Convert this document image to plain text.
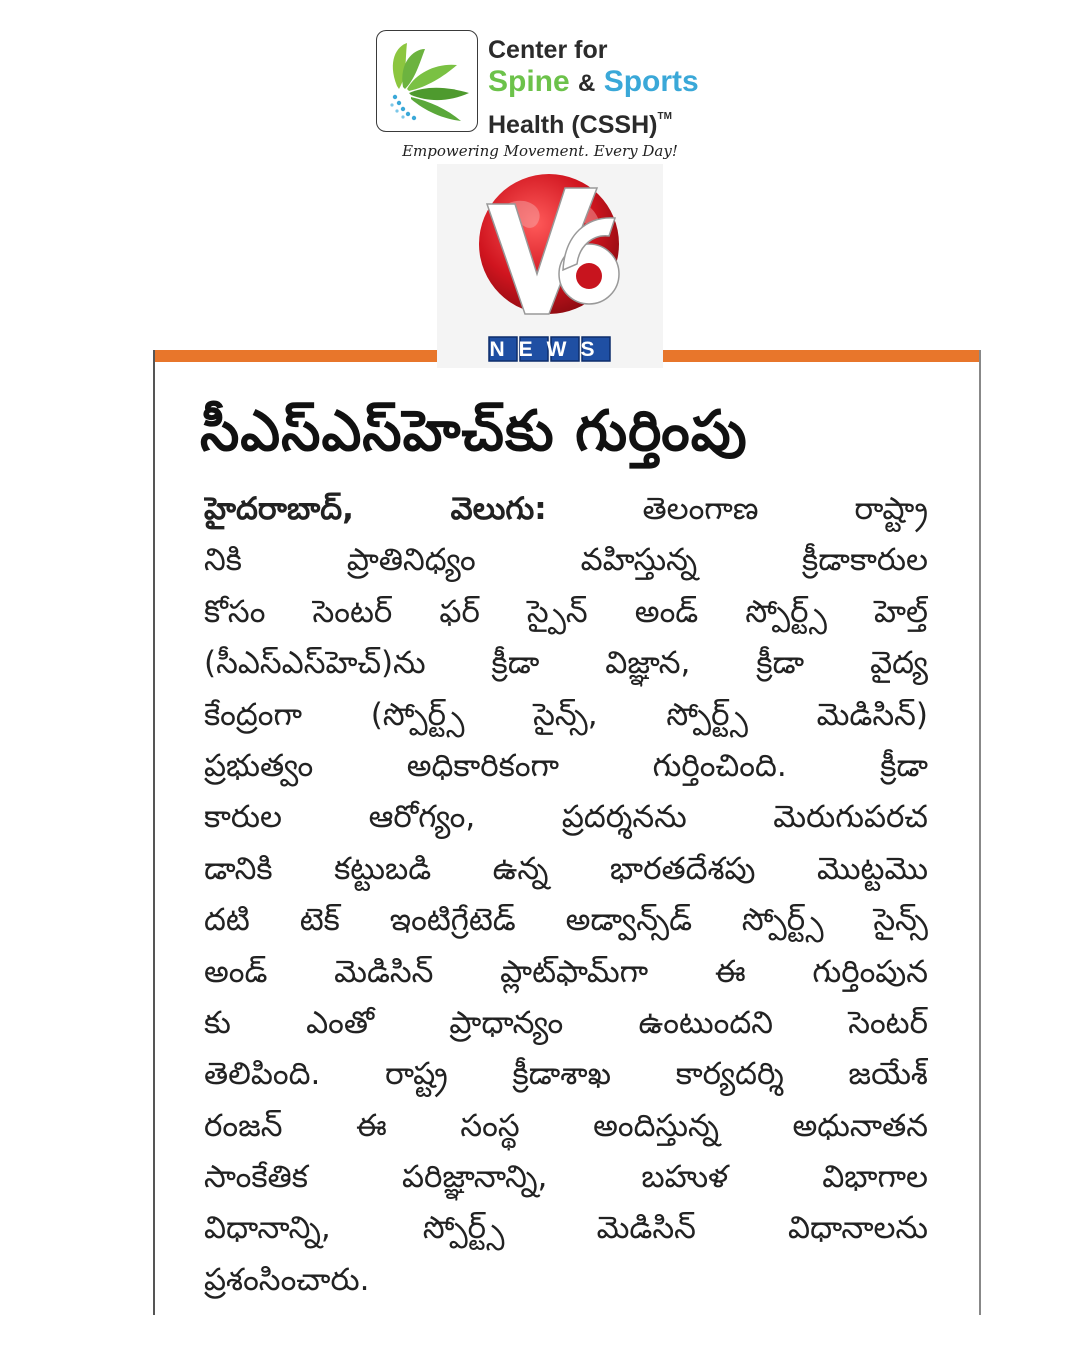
Center for
Spine & Sports
Health (CSSH)™
Empowering Movement. Every Day!
NEWS
సీఎస్ఎస్‌హెచ్‌కు గుర్తింపు
హైదరాబాద్, వెలుగు:	తెలంగాణ రాష్ట్రా
నికి ప్రాతినిధ్యం వహిస్తున్న క్రీడాకారుల
కోసం సెంటర్ ఫర్ స్పైన్ అండ్ స్పోర్ట్స్ హెల్త్
(సీఎస్ఎస్‌హెచ్)ను క్రీడా విజ్ఞాన, క్రీడా వైద్య
కేంద్రంగా (స్పోర్ట్స్ సైన్స్, స్పోర్ట్స్ మెడిసిన్)
ప్రభుత్వం అధికారికంగా గుర్తించింది. క్రీడా
కారుల ఆరోగ్యం, ప్రదర్శనను మెరుగుపరచ
డానికి కట్టుబడి ఉన్న భారతదేశపు మొట్టమొ
దటి టెక్ ఇంటిగ్రేటెడ్ అడ్వాన్స్‌డ్ స్పోర్ట్స్ సైన్స్
అండ్ మెడిసిన్ ప్లాట్‌ఫామ్‌గా ఈ గుర్తింపున
కు ఎంతో ప్రాధాన్యం ఉంటుందని సెంటర్
తెలిపింది. రాష్ట్ర క్రీడాశాఖ కార్యదర్శి జయేశ్
రంజన్ ఈ సంస్థ అందిస్తున్న అధునాతన
సాంకేతిక పరిజ్ఞానాన్ని, బహుళ విభాగాల
విధానాన్ని, స్పోర్ట్స్ మెడిసిన్ విధానాలను
ప్రశంసించారు.
